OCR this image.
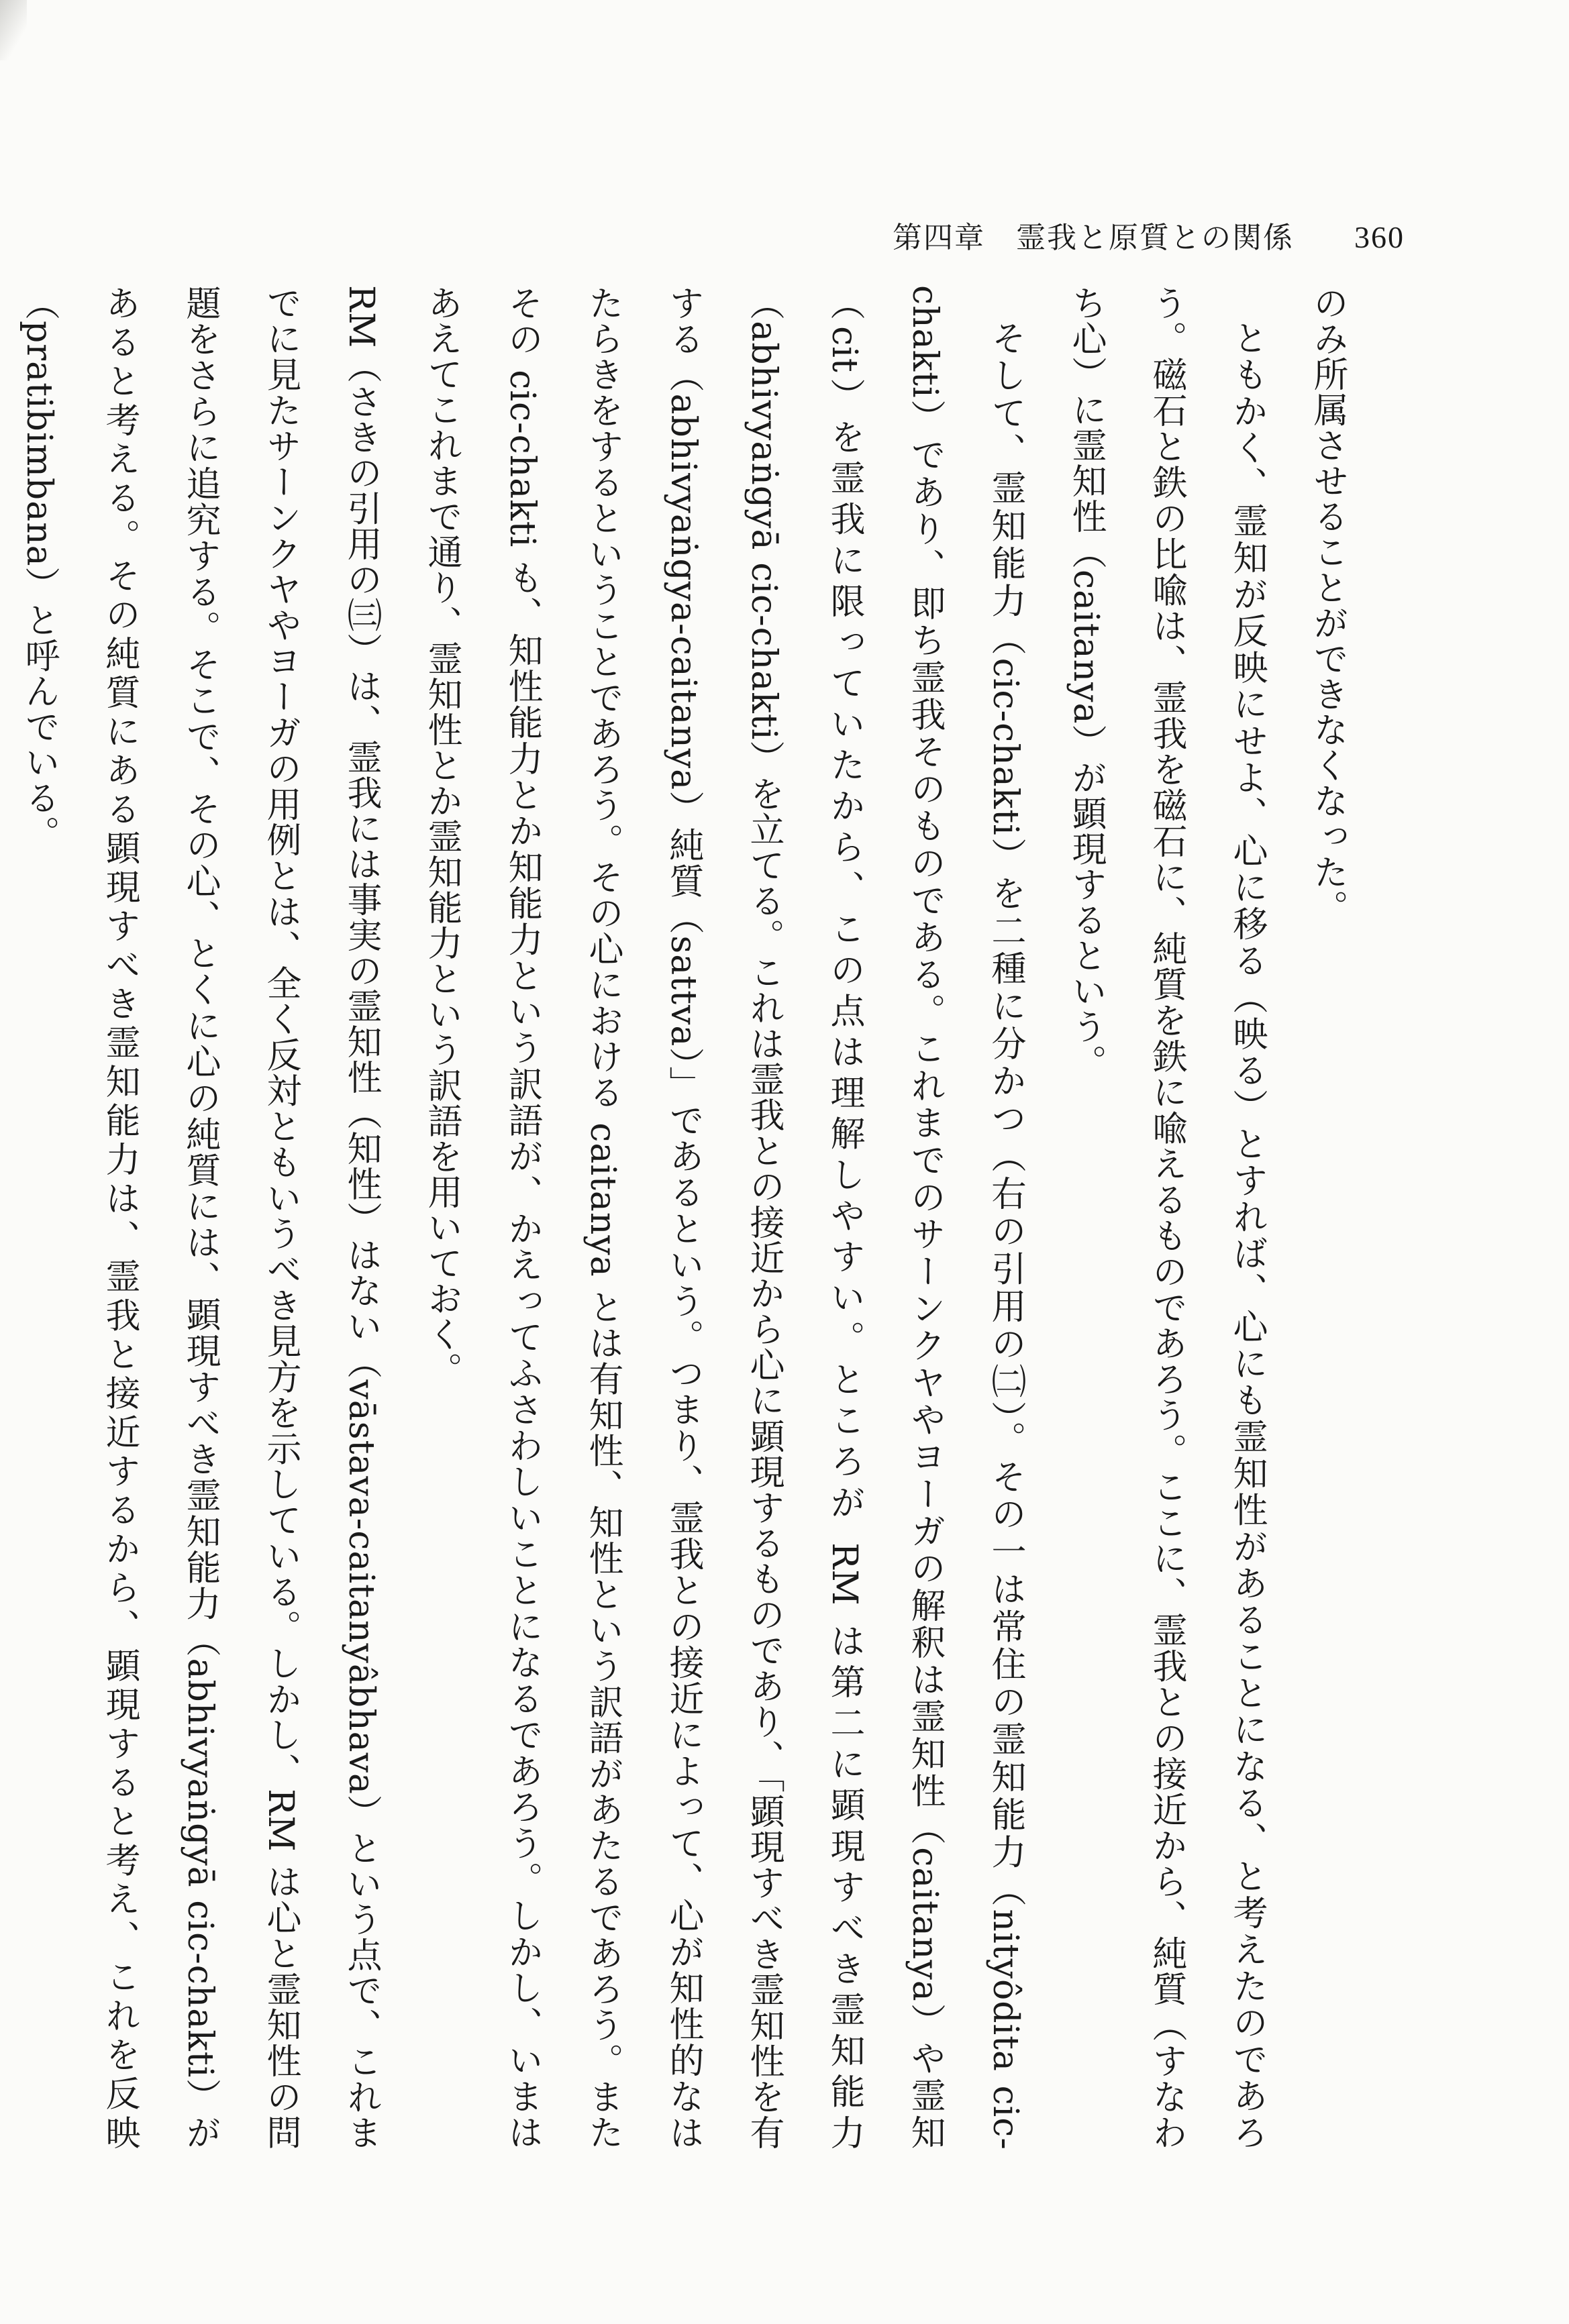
第四章　霊我と原質との関係 360

のみ所属させることができなくなった。

ともかく、霊知が反映にせよ、心に移る（映る）とすれば、心にも霊知性があることになる、と考えたのであろう。磁石と鉄の比喩は、霊我を磁石に、純質を鉄に喩えるものであろう。ここに、霊我との接近から、純質（すなわち心）に霊知性（caitanya）が顕現するという。

そして、霊知能力（cic-chakti）を二種に分かつ（右の引用の㈡）。その一は常住の霊知能力（nityôdita cic-chakti）であり、即ち霊我そのものである。これまでのサーンクヤやヨーガの解釈は霊知性（caitanya）や霊知（cit）を霊我に限っていたから、この点は理解しやすい。ところが RM は第二に顕現すべき霊知能力（abhivyaṅgyā cic-chakti）を立てる。これは霊我との接近から心に顕現するものであり、「顕現すべき霊知性を有する（abhivyaṅgya-caitanya）純質（sattva）」であるという。つまり、霊我との接近によって、心が知性的なはたらきをするということであろう。その心における caitanya とは有知性、知性という訳語があたるであろう。またその cic-chakti も、知性能力とか知能力という訳語が、かえってふさわしいことになるであろう。しかし、いまはあえてこれまで通り、霊知性とか霊知能力という訳語を用いておく。

RM（さきの引用の㈢）は、霊我には事実の霊知性（知性）はない（vāstava-caitanyâbhava）という点で、これまでに見たサーンクヤやヨーガの用例とは、全く反対ともいうべき見方を示している。しかし、RM は心と霊知性の問題をさらに追究する。そこで、その心、とくに心の純質には、顕現すべき霊知能力（abhivyaṅgyā cic-chakti）があると考える。その純質にある顕現すべき霊知能力は、霊我と接近するから、顕現すると考え、これを反映（pratibimbana）と呼んでいる。
